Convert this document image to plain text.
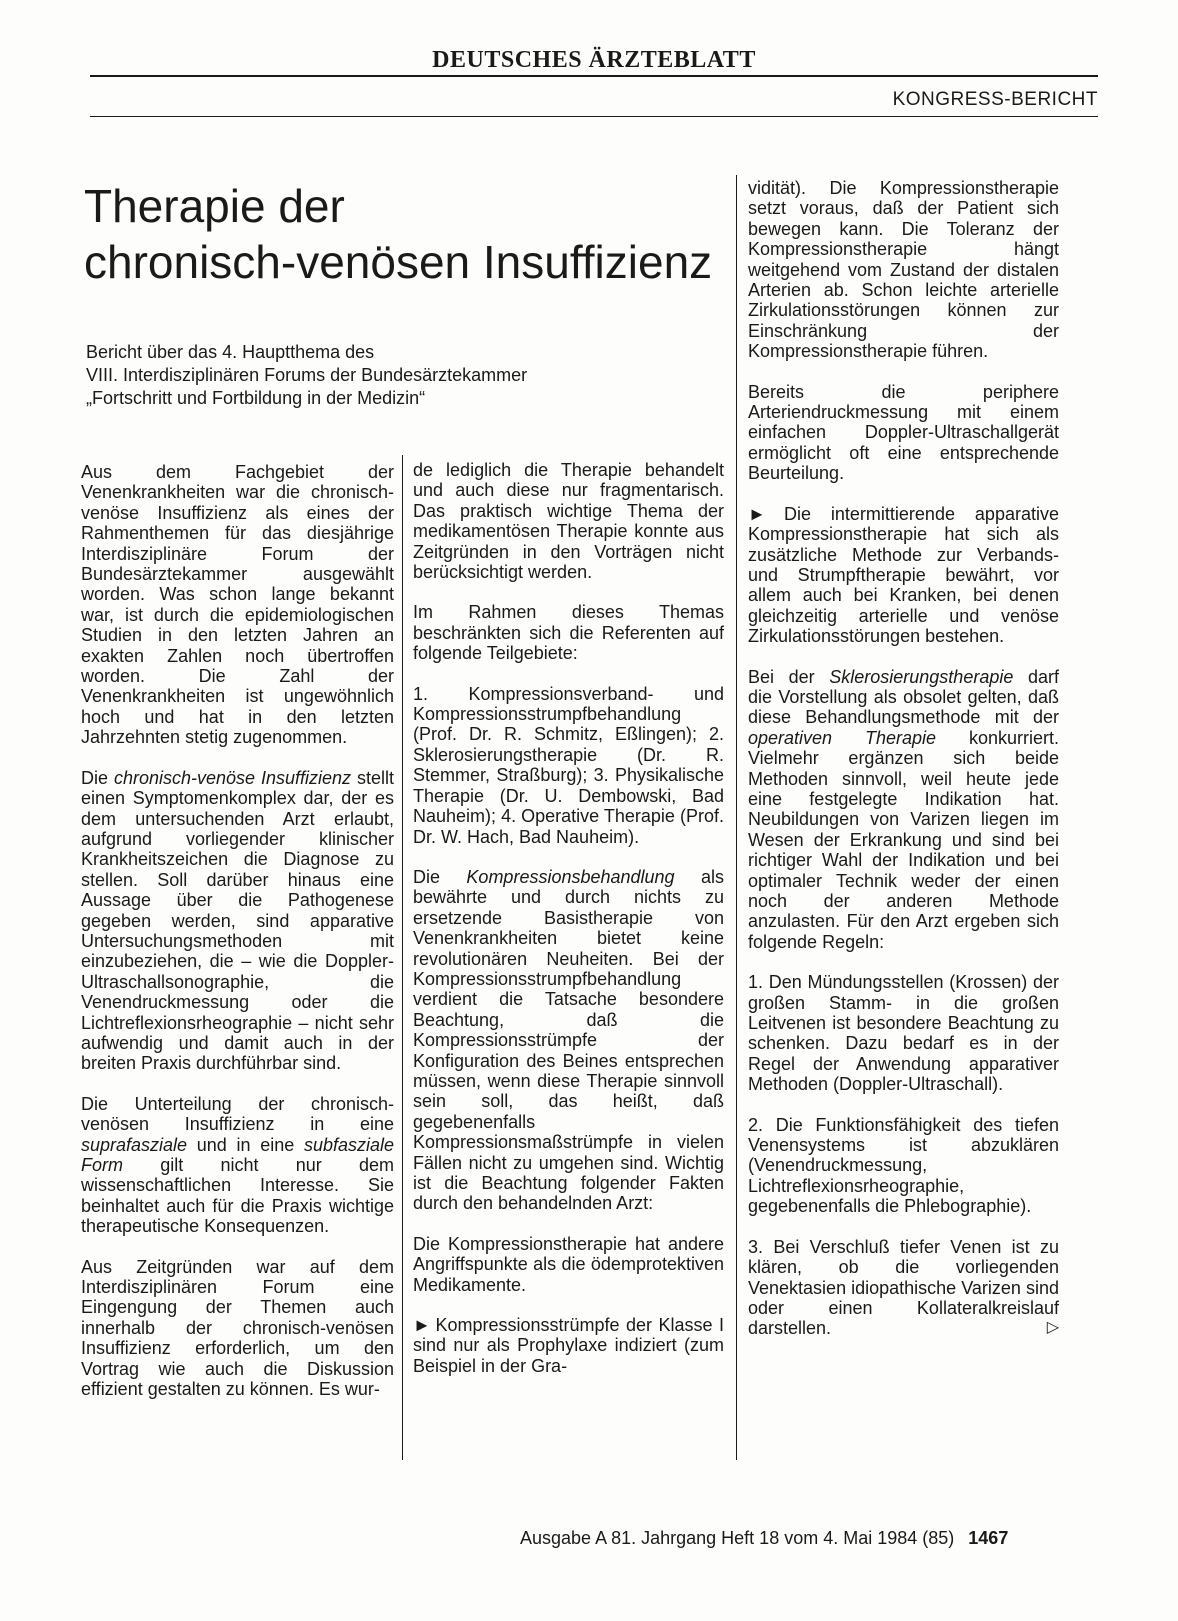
DEUTSCHES ÄRZTEBLATT
KONGRESS-BERICHT
Therapie der
chronisch-venösen Insuffizienz
Bericht über das 4. Hauptthema des
VIII. Interdisziplinären Forums der Bundesärztekammer
„Fortschritt und Fortbildung in der Medizin“

Aus dem Fachgebiet der Venenkrankheiten war die chronisch-venöse Insuffizienz als eines der Rahmenthemen für das diesjährige Interdisziplinäre Forum der Bundesärztekammer ausgewählt worden. Was schon lange bekannt war, ist durch die epidemiologischen Studien in den letzten Jahren an exakten Zahlen noch übertroffen worden. Die Zahl der Venenkrankheiten ist ungewöhnlich hoch und hat in den letzten Jahrzehnten stetig zugenommen.

Die chronisch-venöse Insuffizienz stellt einen Symptomenkomplex dar, der es dem untersuchenden Arzt erlaubt, aufgrund vorliegender klinischer Krankheitszeichen die Diagnose zu stellen. Soll darüber hinaus eine Aussage über die Pathogenese gegeben werden, sind apparative Untersuchungsmethoden mit einzubeziehen, die – wie die Doppler-Ultraschallsonographie, die Venendruckmessung oder die Lichtreflexionsrheographie – nicht sehr aufwendig und damit auch in der breiten Praxis durchführbar sind.

Die Unterteilung der chronisch-venösen Insuffizienz in eine suprafasziale und in eine subfasziale Form gilt nicht nur dem wissenschaftlichen Interesse. Sie beinhaltet auch für die Praxis wichtige therapeutische Konsequenzen.

Aus Zeitgründen war auf dem Interdisziplinären Forum eine Eingengung der Themen auch innerhalb der chronisch-venösen Insuffizienz erforderlich, um den Vortrag wie auch die Diskussion effizient gestalten zu können. Es wur-

de lediglich die Therapie behandelt und auch diese nur fragmentarisch. Das praktisch wichtige Thema der medikamentösen Therapie konnte aus Zeitgründen in den Vorträgen nicht berücksichtigt werden.

Im Rahmen dieses Themas beschränkten sich die Referenten auf folgende Teilgebiete:

1. Kompressionsverband- und Kompressionsstrumpfbehandlung (Prof. Dr. R. Schmitz, Eßlingen); 2. Sklerosierungstherapie (Dr. R. Stemmer, Straßburg); 3. Physikalische Therapie (Dr. U. Dembowski, Bad Nauheim); 4. Operative Therapie (Prof. Dr. W. Hach, Bad Nauheim).

Die Kompressionsbehandlung als bewährte und durch nichts zu ersetzende Basistherapie von Venenkrankheiten bietet keine revolutionären Neuheiten. Bei der Kompressionsstrumpfbehandlung verdient die Tatsache besondere Beachtung, daß die Kompressionsstrümpfe der Konfiguration des Beines entsprechen müssen, wenn diese Therapie sinnvoll sein soll, das heißt, daß gegebenenfalls Kompressionsmaßstrümpfe in vielen Fällen nicht zu umgehen sind. Wichtig ist die Beachtung folgender Fakten durch den behandelnden Arzt:

Die Kompressionstherapie hat andere Angriffspunkte als die ödemprotektiven Medikamente.

► Kompressionsstrümpfe der Klasse I sind nur als Prophylaxe indiziert (zum Beispiel in der Gra-

vidität). Die Kompressionstherapie setzt voraus, daß der Patient sich bewegen kann. Die Toleranz der Kompressionstherapie hängt weitgehend vom Zustand der distalen Arterien ab. Schon leichte arterielle Zirkulationsstörungen können zur Einschränkung der Kompressionstherapie führen.

Bereits die periphere Arteriendruckmessung mit einem einfachen Doppler-Ultraschallgerät ermöglicht oft eine entsprechende Beurteilung.

► Die intermittierende apparative Kompressionstherapie hat sich als zusätzliche Methode zur Verbands- und Strumpftherapie bewährt, vor allem auch bei Kranken, bei denen gleichzeitig arterielle und venöse Zirkulationsstörungen bestehen.

Bei der Sklerosierungstherapie darf die Vorstellung als obsolet gelten, daß diese Behandlungsmethode mit der operativen Therapie konkurriert. Vielmehr ergänzen sich beide Methoden sinnvoll, weil heute jede eine festgelegte Indikation hat. Neubildungen von Varizen liegen im Wesen der Erkrankung und sind bei richtiger Wahl der Indikation und bei optimaler Technik weder der einen noch der anderen Methode anzulasten. Für den Arzt ergeben sich folgende Regeln:

1. Den Mündungsstellen (Krossen) der großen Stamm- in die großen Leitvenen ist besondere Beachtung zu schenken. Dazu bedarf es in der Regel der Anwendung apparativer Methoden (Doppler-Ultraschall).

2. Die Funktionsfähigkeit des tiefen Venensystems ist abzuklären (Venendruckmessung, Lichtreflexionsrheographie, gegebenenfalls die Phlebographie).

3. Bei Verschluß tiefer Venen ist zu klären, ob die vorliegenden Venektasien idiopathische Varizen sind oder einen Kollateralkreislauf darstellen.	▷

Ausgabe A 81. Jahrgang Heft 18 vom 4. Mai 1984 (85) 1467
